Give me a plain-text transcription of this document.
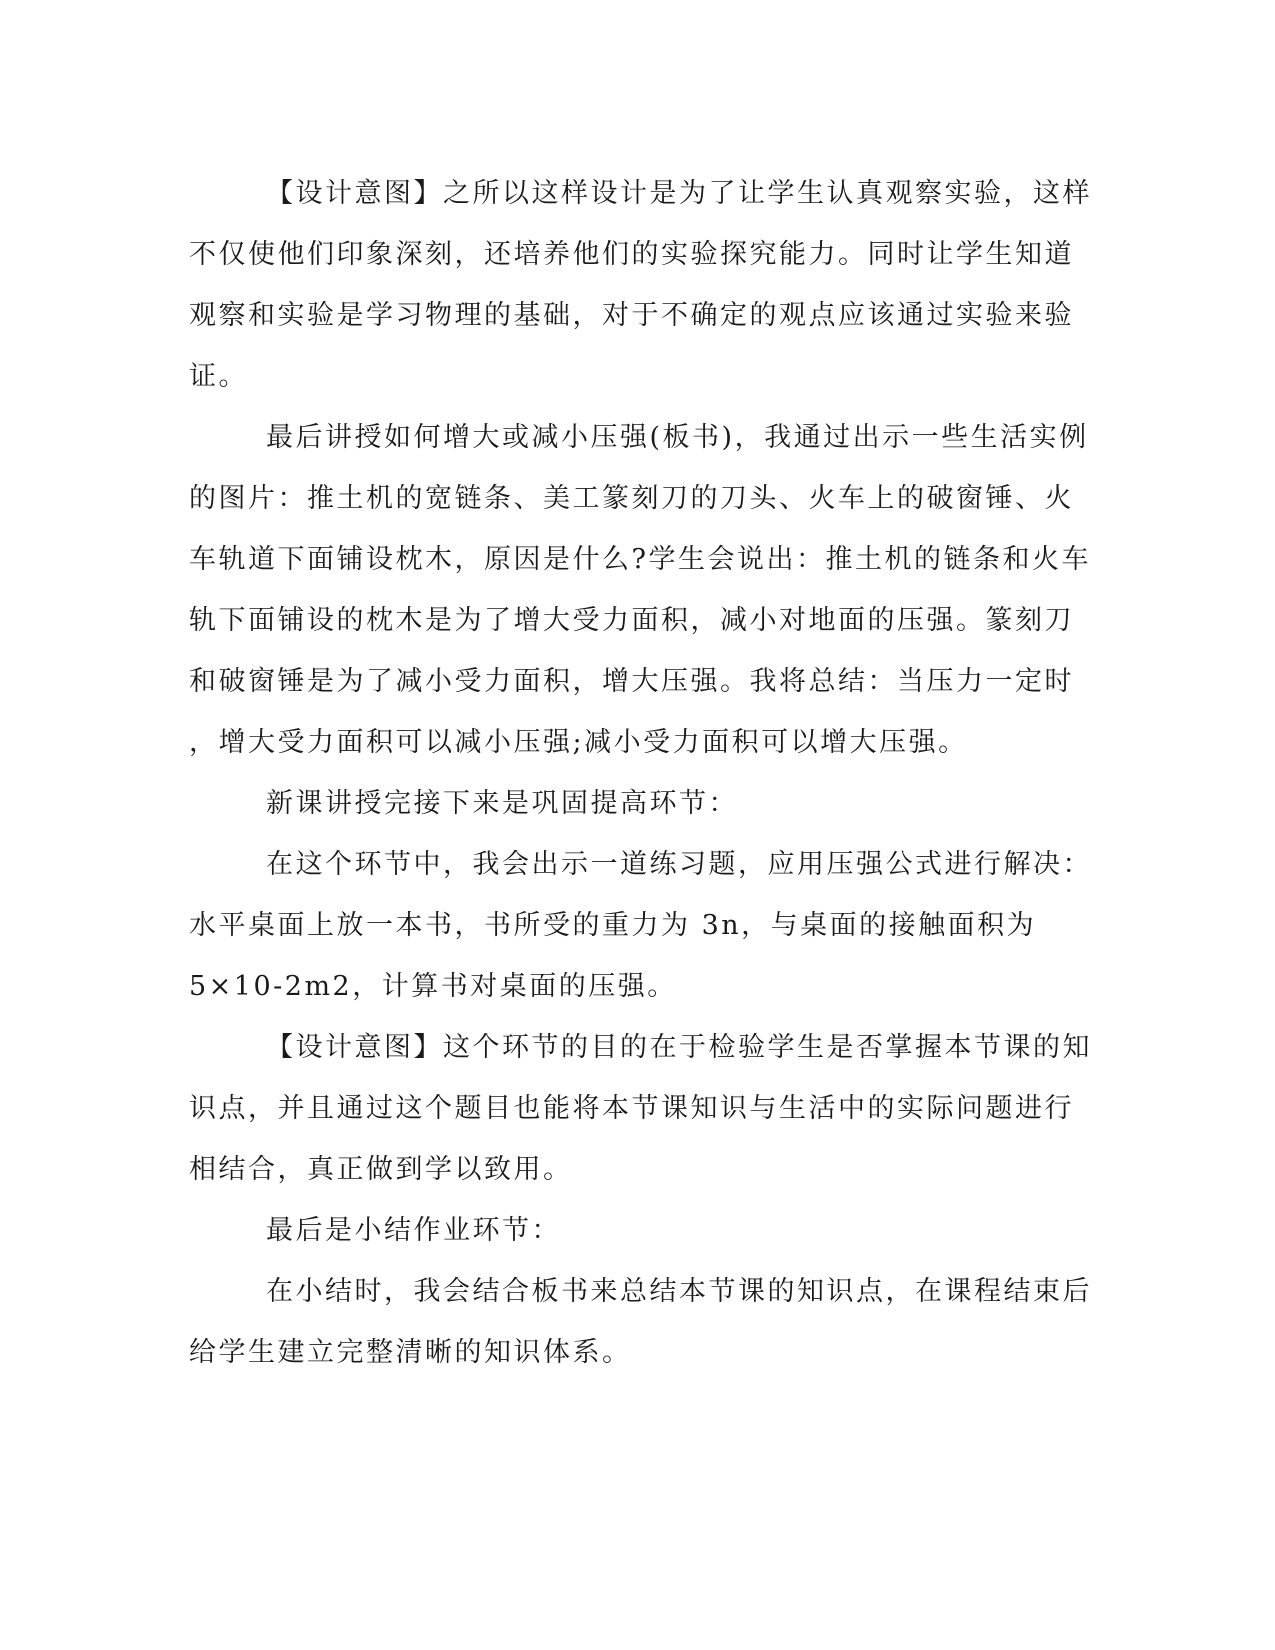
【设计意图】之所以这样设计是为了让学生认真观察实验，这样
不仅使他们印象深刻，还培养他们的实验探究能力。同时让学生知道
观察和实验是学习物理的基础，对于不确定的观点应该通过实验来验
证。

最后讲授如何增大或减小压强(板书)，我通过出示一些生活实例
的图片：推土机的宽链条、美工篆刻刀的刀头、火车上的破窗锤、火
车轨道下面铺设枕木，原因是什么?学生会说出：推土机的链条和火车
轨下面铺设的枕木是为了增大受力面积，减小对地面的压强。篆刻刀
和破窗锤是为了减小受力面积，增大压强。我将总结：当压力一定时
，增大受力面积可以减小压强;减小受力面积可以增大压强。

新课讲授完接下来是巩固提高环节：

在这个环节中，我会出示一道练习题，应用压强公式进行解决：
水平桌面上放一本书，书所受的重力为 3n，与桌面的接触面积为
5×10-2m2，计算书对桌面的压强。

【设计意图】这个环节的目的在于检验学生是否掌握本节课的知
识点，并且通过这个题目也能将本节课知识与生活中的实际问题进行
相结合，真正做到学以致用。

最后是小结作业环节：

在小结时，我会结合板书来总结本节课的知识点，在课程结束后
给学生建立完整清晰的知识体系。
